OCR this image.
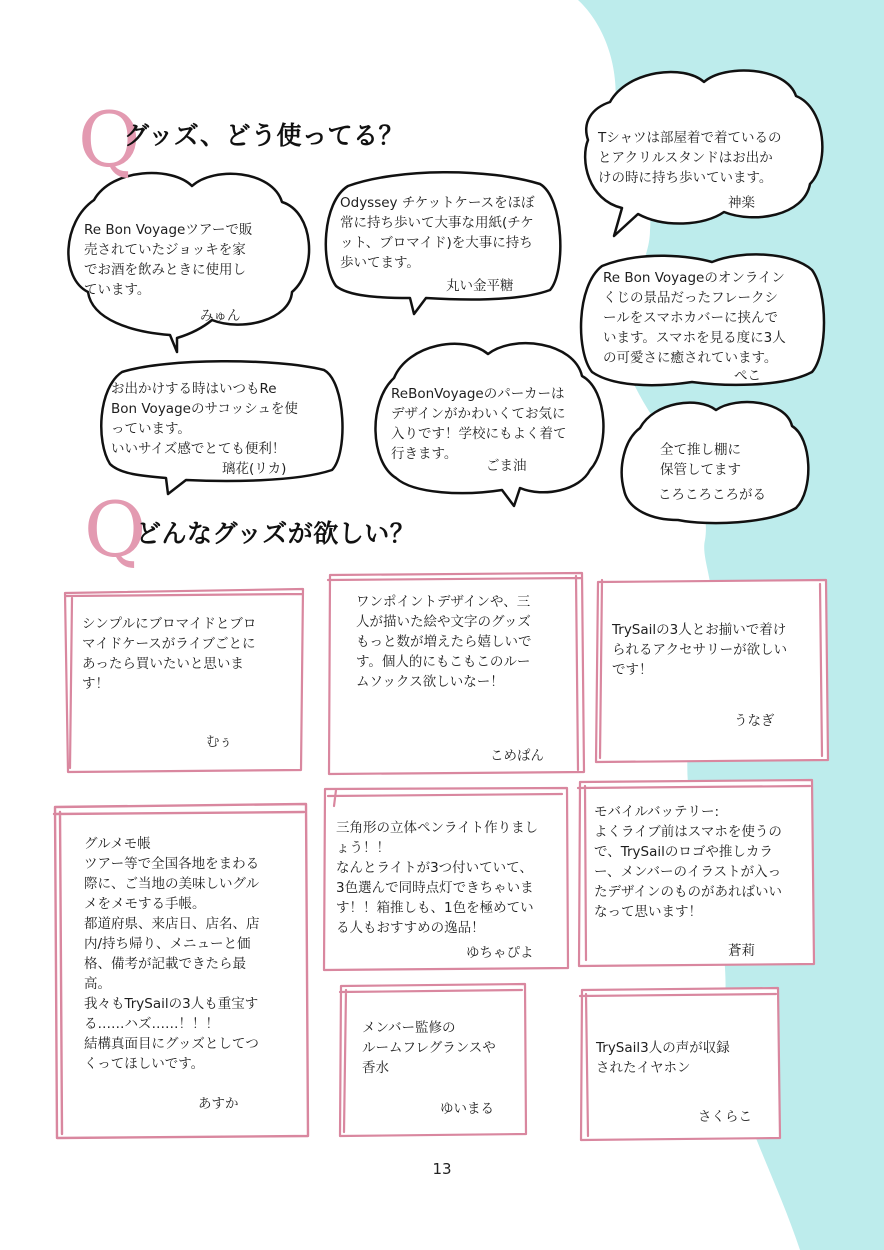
Q
グッズ、どう使ってる？
Re Bon Voyageツアーで販
売されていたジョッキを家
でお酒を飲みときに使用し
ています。
みゅん
Odyssey チケットケースをほぼ
常に持ち歩いて大事な用紙(チケ
ット、ブロマイド)を大事に持ち
歩いてます。
丸い金平糖
Tシャツは部屋着で着ているの
とアクリルスタンドはお出か
けの時に持ち歩いています。
神楽
Re Bon Voyageのオンライン
くじの景品だったフレークシ
ールをスマホカバーに挟んで
います。スマホを見る度に3人
の可愛さに癒されています。
ぺこ
お出かけする時はいつもRe
Bon Voyageのサコッシュを使
っています。
いいサイズ感でとても便利！
璃花(リカ)
ReBonVoyageのパーカーは
デザインがかわいくてお気に
入りです！学校にもよく着て
行きます。
ごま油
全て推し棚に
保管してます
ころころころがる
Q
どんなグッズが欲しい？
シンプルにブロマイドとブロ
マイドケースがライブごとに
あったら買いたいと思いま
す！
むぅ
ワンポイントデザインや、三
人が描いた絵や文字のグッズ
もっと数が増えたら嬉しいで
す。個人的にもこもこのルー
ムソックス欲しいなー！
こめぱん
TrySailの3人とお揃いで着け
られるアクセサリーが欲しい
です！
うなぎ
グルメモ帳
ツアー等で全国各地をまわる
際に、ご当地の美味しいグル
メをメモする手帳。
都道府県、来店日、店名、店
内/持ち帰り、メニューと価
格、備考が記載できたら最
高。
我々もTrySailの3人も重宝す
る……ハズ……！！！
結構真面目にグッズとしてつ
くってほしいです。
あすか
三角形の立体ペンライト作りまし
ょう！！
なんとライトが3つ付いていて、
3色選んで同時点灯できちゃいま
す！！箱推しも、1色を極めてい
る人もおすすめの逸品！
ゆちゃぴよ
モバイルバッテリー:
よくライブ前はスマホを使うの
で、TrySailのロゴや推しカラ
ー、メンバーのイラストが入っ
たデザインのものがあればいい
なって思います！
蒼莉
メンバー監修の
ルームフレグランスや
香水
ゆいまる
TrySail3人の声が収録
されたイヤホン
さくらこ
13
